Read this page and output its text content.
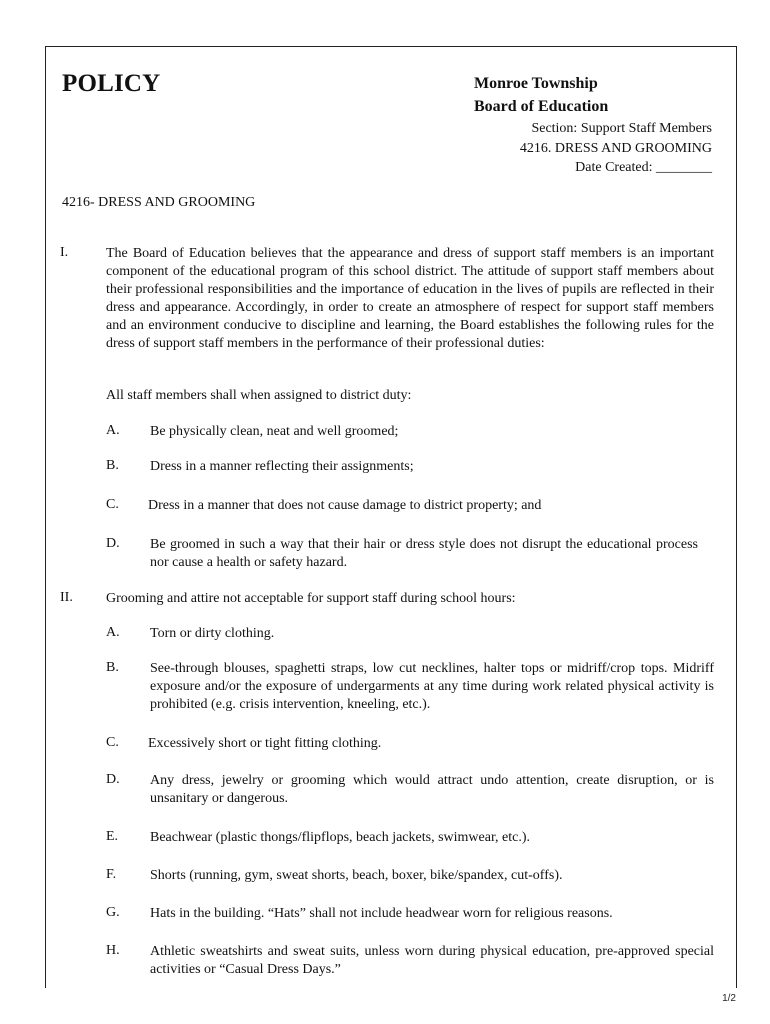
POLICY	Monroe Township
Board of Education
Section: Support Staff Members
4216. DRESS AND GROOMING
Date Created: ________
4216- DRESS AND GROOMING
I.	The Board of Education believes that the appearance and dress of support staff members is an important component of the educational program of this school district. The attitude of support staff members about their professional responsibilities and the importance of education in the lives of pupils are reflected in their dress and appearance. Accordingly, in order to create an atmosphere of respect for support staff members and an environment conducive to discipline and learning, the Board establishes the following rules for the dress of support staff members in the performance of their professional duties:
All staff members shall when assigned to district duty:
A. Be physically clean, neat and well groomed;
B. Dress in a manner reflecting their assignments;
C. Dress in a manner that does not cause damage to district property; and
D. Be groomed in such a way that their hair or dress style does not disrupt the educational process nor cause a health or safety hazard.
II. Grooming and attire not acceptable for support staff during school hours:
A. Torn or dirty clothing.
B. See-through blouses, spaghetti straps, low cut necklines, halter tops or midriff/crop tops. Midriff exposure and/or the exposure of undergarments at any time during work related physical activity is prohibited (e.g. crisis intervention, kneeling, etc.).
C. Excessively short or tight fitting clothing.
D. Any dress, jewelry or grooming which would attract undo attention, create disruption, or is unsanitary or dangerous.
E. Beachwear (plastic thongs/flipflops, beach jackets, swimwear, etc.).
F. Shorts (running, gym, sweat shorts, beach, boxer, bike/spandex, cut-offs).
G. Hats in the building. “Hats” shall not include headwear worn for religious reasons.
H. Athletic sweatshirts and sweat suits, unless worn during physical education, pre-approved special activities or “Casual Dress Days.”
1/2
